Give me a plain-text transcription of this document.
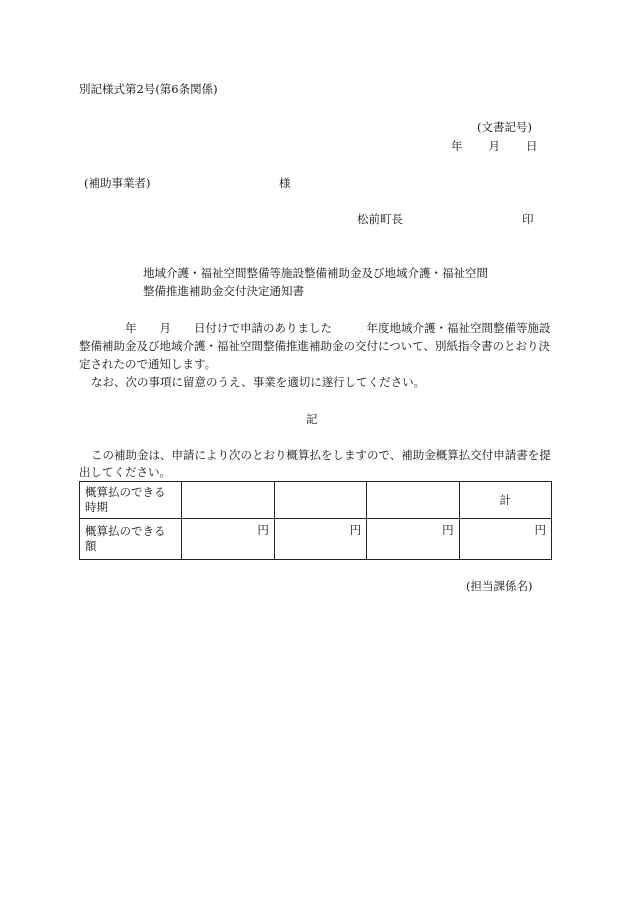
別記様式第2号(第6条関係)
(文書記号)
年 月 日
(補助事業者)	様
松前町長	印
地域介護・福祉空間整備等施設整備補助金及び地域介護・福祉空間
整備推進補助金交付決定通知書

年　　月　　日付けで申請のありました　　　年度地域介護・福祉空間整備等施設整備補助金及び地域介護・福祉空間整備推進補助金の交付について、別紙指令書のとおり決定されたので通知します。

なお、次の事項に留意のうえ、事業を適切に遂行してください。

記

この補助金は、申請により次のとおり概算払をしますので、補助金概算払交付申請書を提出してください。

概算払のできる時期				計
概算払のできる額	円	円	円	円
(担当課係名)
